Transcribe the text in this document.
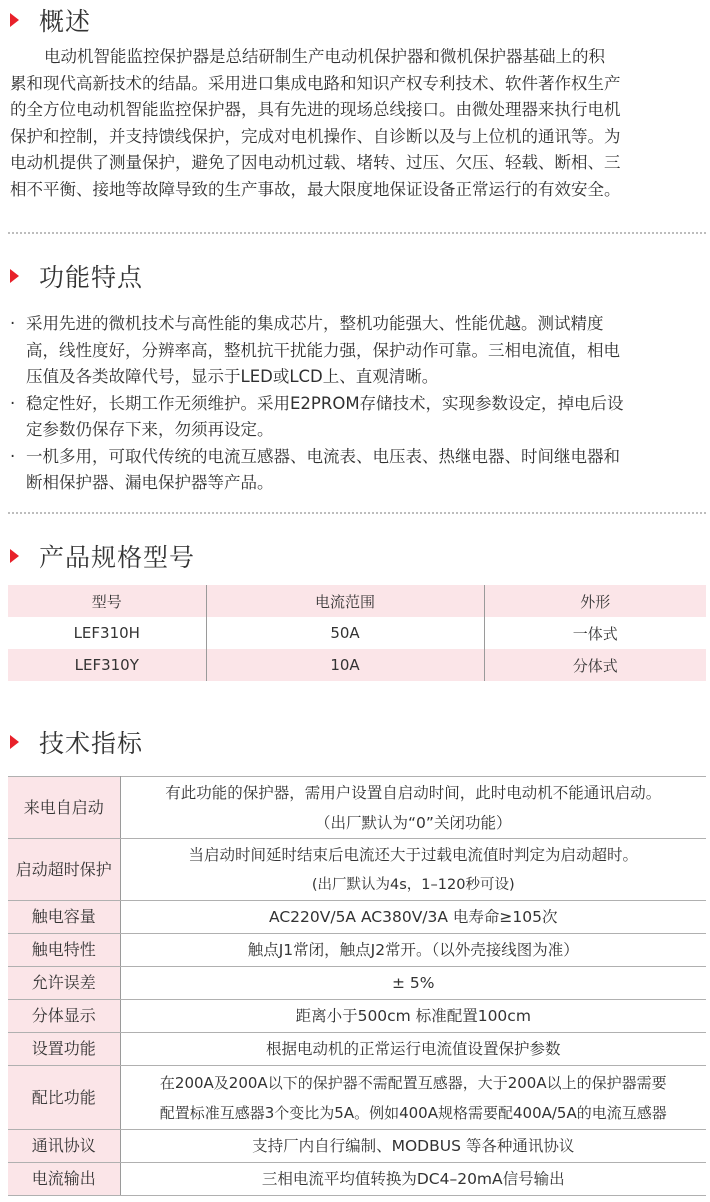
概述
电动机智能监控保护器是总结研制生产电动机保护器和微机保护器基础上的积
累和现代高新技术的结晶。采用进口集成电路和知识产权专利技术、软件著作权生产
的全方位电动机智能监控保护器，具有先进的现场总线接口。由微处理器来执行电机
保护和控制，并支持馈线保护，完成对电机操作、自诊断以及与上位机的通讯等。为
电动机提供了测量保护，避免了因电动机过载、堵转、过压、欠压、轻载、断相、三
相不平衡、接地等故障导致的生产事故，最大限度地保证设备正常运行的有效安全。
功能特点
· 采用先进的微机技术与高性能的集成芯片，整机功能强大、性能优越。测试精度
高，线性度好，分辨率高，整机抗干扰能力强，保护动作可靠。三相电流值，相电
压值及各类故障代号，显示于LED或LCD上、直观清晰。
· 稳定性好，长期工作无须维护。采用E2PROM存储技术，实现参数设定，掉电后设
定参数仍保存下来，勿须再设定。
· 一机多用，可取代传统的电流互感器、电流表、电压表、热继电器、时间继电器和
断相保护器、漏电保护器等产品。
产品规格型号
型号	电流范围	外形
LEF310H	50A	一体式
LEF310Y	10A	分体式
技术指标
来电自启动	有此功能的保护器，需用户设置自启动时间，此时电动机不能通讯启动。
（出厂默认为“0”关闭功能）

启动超时保护	当启动时间延时结束后电流还大于过载电流值时判定为启动超时。
(出厂默认为4s，1–120秒可设)

触电容量	AC220V/5A AC380V/3A 电寿命≥105次
触电特性	触点J1常闭，触点J2常开。（以外壳接线图为准）
允许误差	± 5%
分体显示	距离小于500cm 标准配置100cm
设置功能	根据电动机的正常运行电流值设置保护参数
配比功能	在200A及200A以下的保护器不需配置互感器，大于200A以上的保护器需要
配置标准互感器3个变比为5A。例如400A规格需要配400A/5A的电流互感器

通讯协议	支持厂内自行编制、MODBUS 等各种通讯协议
电流输出	三相电流平均值转换为DC4–20mA信号输出
